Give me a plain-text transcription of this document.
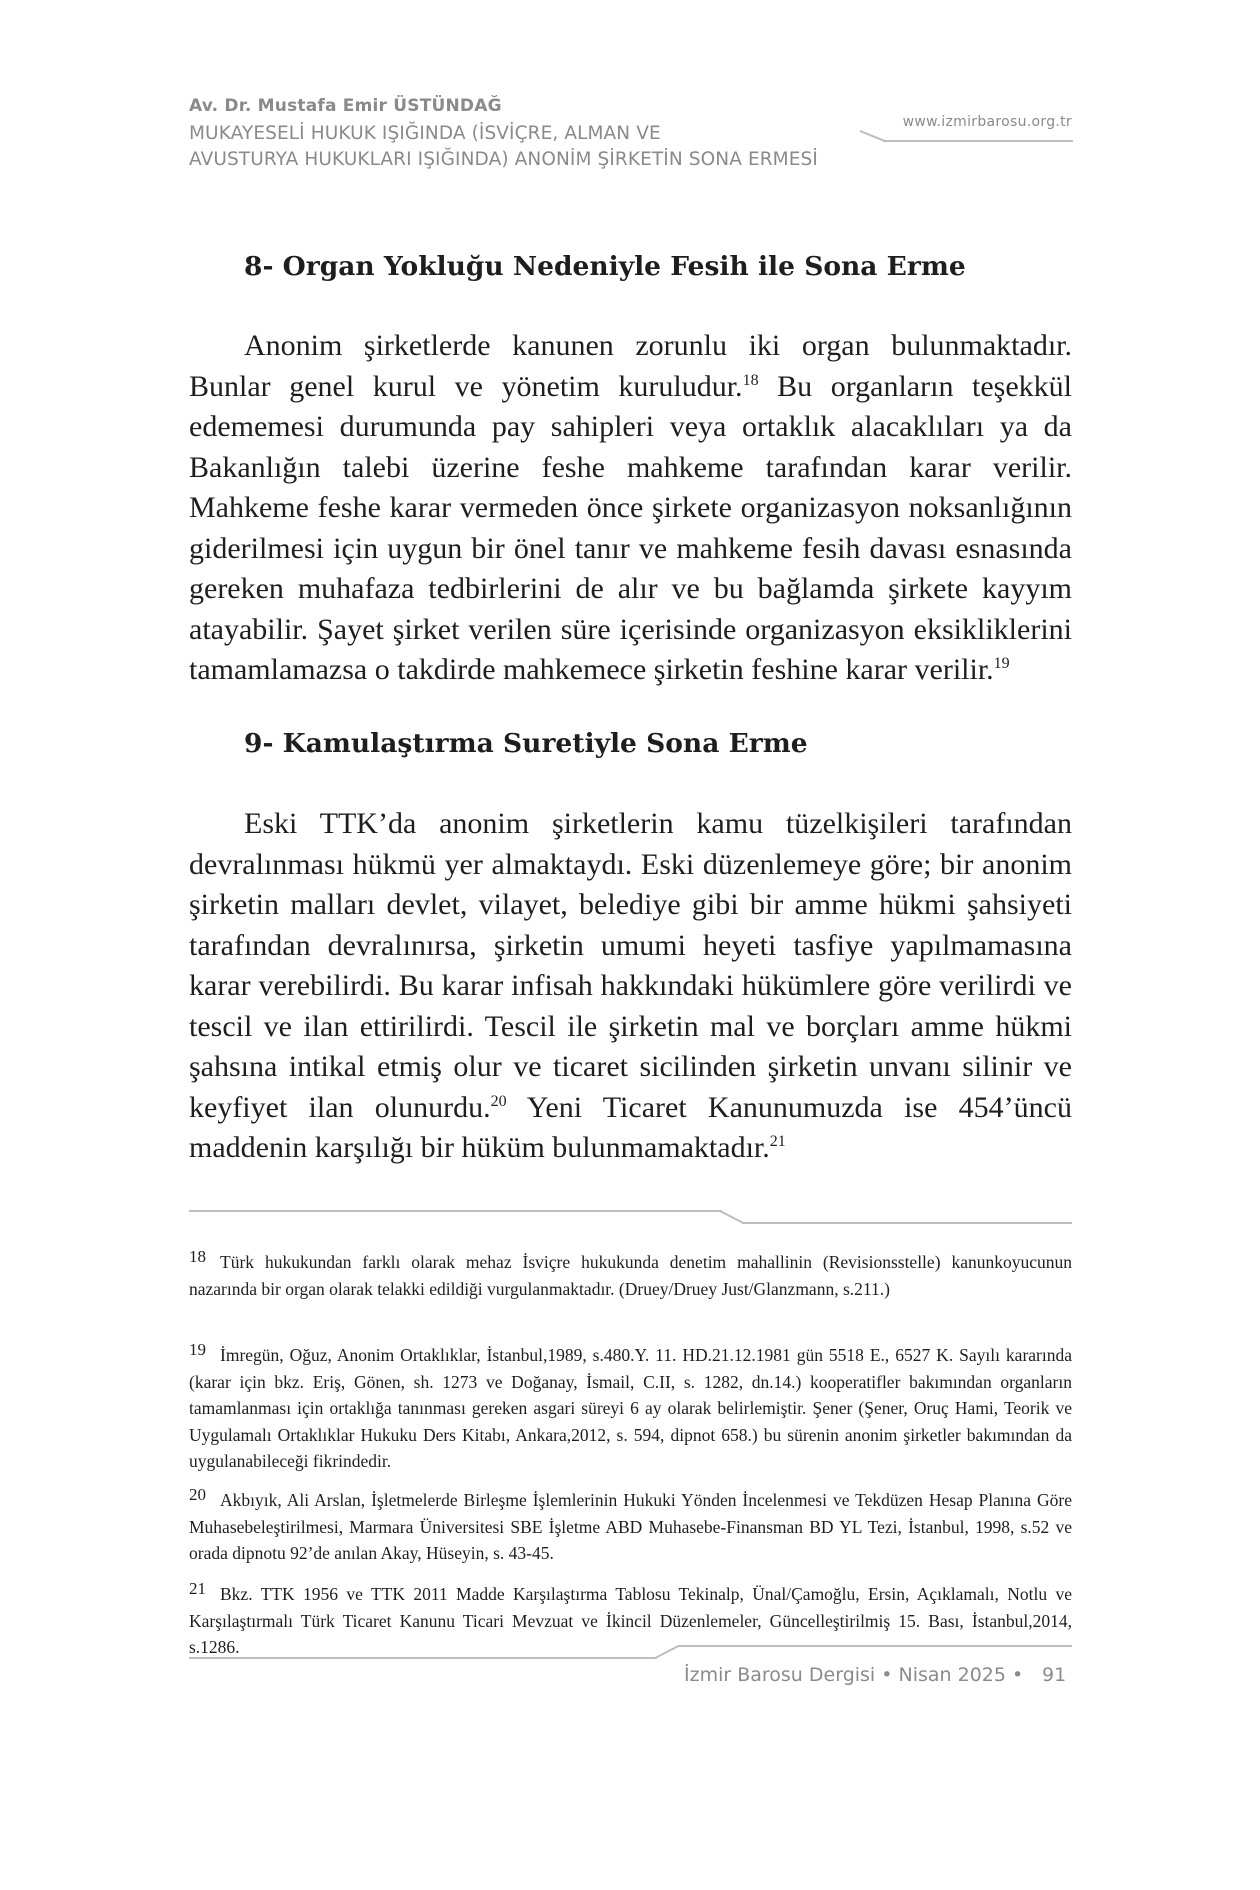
Av. Dr. Mustafa Emir ÜSTÜNDAĞ
MUKAYESELİ HUKUK IŞIĞINDA (İSVİÇRE, ALMAN VE
AVUSTURYA HUKUKLARI IŞIĞINDA) ANONİM ŞİRKETİN SONA ERMESİ
www.izmirbarosu.org.tr
8- Organ Yokluğu Nedeniyle Fesih ile Sona Erme
Anonim şirketlerde kanunen zorunlu iki organ bulunmaktadır. Bunlar genel kurul ve yönetim kuruludur.$^{18}$ Bu organların teşekkül edememesi durumunda pay sahipleri veya ortaklık alacaklıları ya da Bakanlığın talebi üzerine feshe mahkeme tarafından karar verilir. Mahkeme feshe karar vermeden önce şirkete organizasyon noksanlığının giderilmesi için uygun bir önel tanır ve mahkeme fesih davası esnasında gereken muhafaza tedbirlerini de alır ve bu bağlamda şirkete kayyım atayabilir. Şayet şirket verilen süre içerisinde organizasyon eksikliklerini tamamlamazsa o takdirde mahkemece şirketin feshine karar verilir.$^{19}$
9- Kamulaştırma Suretiyle Sona Erme
Eski TTK’da anonim şirketlerin kamu tüzelkişileri tarafından devralınması hükmü yer almaktaydı. Eski düzenlemeye göre; bir anonim şirketin malları devlet, vilayet, belediye gibi bir amme hükmi şahsiyeti tarafından devralınırsa, şirketin umumi heyeti tasfiye yapılmamasına karar verebilirdi. Bu karar infisah hakkındaki hükümlere göre verilirdi ve tescil ve ilan ettirilirdi. Tescil ile şirketin mal ve borçları amme hükmi şahsına intikal etmiş olur ve ticaret sicilinden şirketin unvanı silinir ve keyfiyet ilan olunurdu.$^{20}$ Yeni Ticaret Kanunumuzda ise 454’üncü maddenin karşılığı bir hüküm bulunmamaktadır.$^{21}$
18 Türk hukukundan farklı olarak mehaz İsviçre hukukunda denetim mahallinin (Revisionsstelle) kanunkoyucunun nazarında bir organ olarak telakki edildiği vurgulanmaktadır. (Druey/Druey Just/Glanzmann, s.211.)
19 İmregün, Oğuz, Anonim Ortaklıklar, İstanbul,1989, s.480.Y. 11. HD.21.12.1981 gün 5518 E., 6527 K. Sayılı kararında (karar için bkz. Eriş, Gönen, sh. 1273 ve Doğanay, İsmail, C.II, s. 1282, dn.14.) kooperatifler bakımından organların tamamlanması için ortaklığa tanınması gereken asgari süreyi 6 ay olarak belirlemiştir. Şener (Şener, Oruç Hami, Teorik ve Uygulamalı Ortaklıklar Hukuku Ders Kitabı, Ankara,2012, s. 594, dipnot 658.) bu sürenin anonim şirketler bakımından da uygulanabileceği fikrindedir.
20 Akbıyık, Ali Arslan, İşletmelerde Birleşme İşlemlerinin Hukuki Yönden İncelenmesi ve Tekdüzen Hesap Planına Göre Muhasebeleştirilmesi, Marmara Üniversitesi SBE İşletme ABD Muhasebe-Finansman BD YL Tezi, İstanbul, 1998, s.52 ve orada dipnotu 92’de anılan Akay, Hüseyin, s. 43-45.
21 Bkz. TTK 1956 ve TTK 2011 Madde Karşılaştırma Tablosu Tekinalp, Ünal/Çamoğlu, Ersin, Açıklamalı, Notlu ve Karşılaştırmalı Türk Ticaret Kanunu Ticari Mevzuat ve İkincil Düzenlemeler, Güncelleştirilmiş 15. Bası, İstanbul,2014, s.1286.
İzmir Barosu Dergisi • Nisan 2025 • 91
